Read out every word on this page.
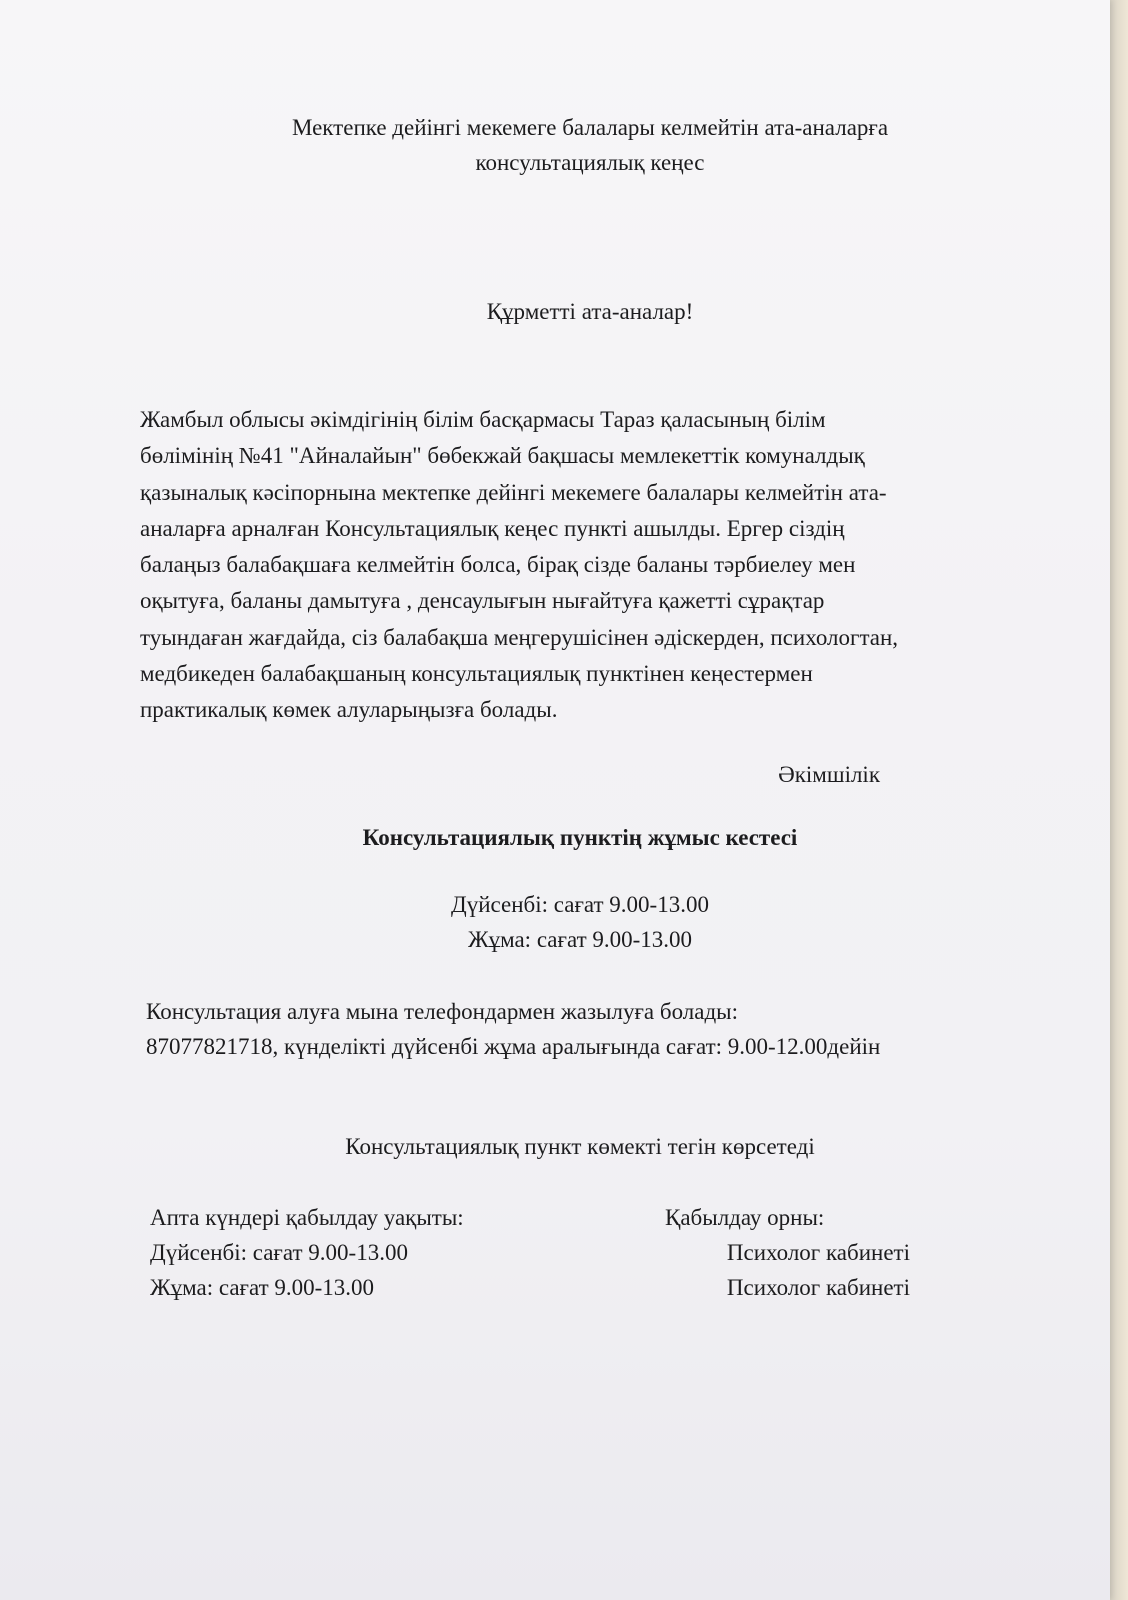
Мектепке дейінгі мекемеге балалары келмейтін ата-аналарға
консультациялық кеңес
Құрметті ата-аналар!
Жамбыл облысы әкімдігінің білім басқармасы Тараз қаласының білім
бөлімінің №41 "Айналайын" бөбекжай бақшасы мемлекеттік комуналдық
қазыналық кәсіпорнына мектепке дейінгі мекемеге балалары келмейтін ата-
аналарға арналған Консультациялық кеңес пункті ашылды. Ергер сіздің
балаңыз балабақшаға келмейтін болса, бірақ сізде баланы тәрбиелеу мен
оқытуға, баланы дамытуға , денсаулығын нығайтуға қажетті сұрақтар
туындаған жағдайда, сіз балабақша меңгерушісінен әдіскерден, психологтан,
медбикеден балабақшаның консультациялық пунктінен кеңестермен
практикалық көмек алуларыңызға болады.
Әкімшілік
Консультациялық пунктің жұмыс кестесі
Дүйсенбі: сағат 9.00-13.00
Жұма: сағат 9.00-13.00
Консультация алуға мына телефондармен жазылуға болады:
87077821718, күнделікті дүйсенбі жұма аралығында сағат: 9.00-12.00дейін
Консультациялық пункт көмекті тегін көрсетеді
Апта күндері қабылдау уақыты:
Дүйсенбі: сағат 9.00-13.00
Жұма: сағат 9.00-13.00
Қабылдау орны:
Психолог кабинеті
Психолог кабинеті
